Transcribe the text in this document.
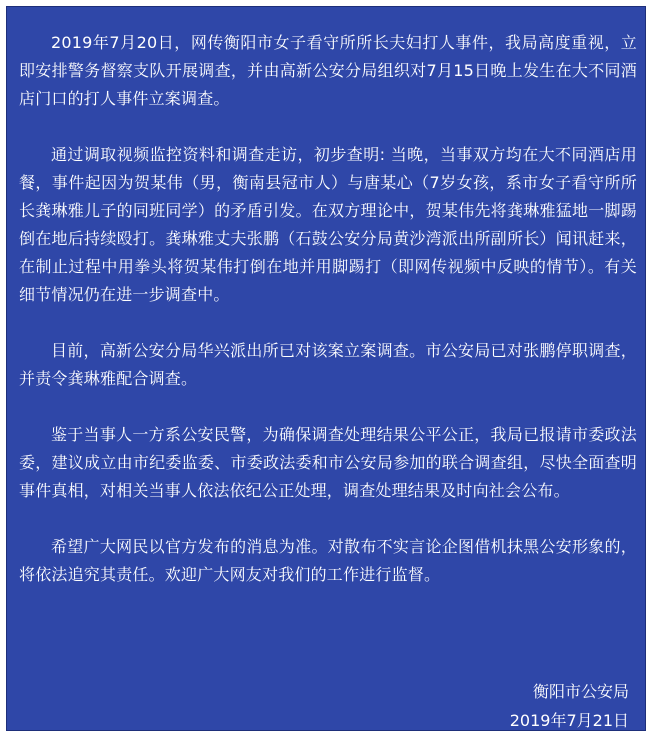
2019年7月20日，网传衡阳市女子看守所所长夫妇打人事件，我局高度重视，立即安排警务督察支队开展调查，并由高新公安分局组织对7月15日晚上发生在大不同酒店门口的打人事件立案调查。

通过调取视频监控资料和调查走访，初步查明: 当晚，当事双方均在大不同酒店用餐，事件起因为贺某伟（男，衡南县冠市人）与唐某心（7岁女孩，系市女子看守所所长龚琳雅儿子的同班同学）的矛盾引发。在双方理论中，贺某伟先将龚琳雅猛地一脚踢倒在地后持续殴打。龚琳雅丈夫张鹏（石鼓公安分局黄沙湾派出所副所长）闻讯赶来，在制止过程中用拳头将贺某伟打倒在地并用脚踢打（即网传视频中反映的情节）。有关细节情况仍在进一步调查中。

目前，高新公安分局华兴派出所已对该案立案调查。市公安局已对张鹏停职调查，并责令龚琳雅配合调查。

鉴于当事人一方系公安民警，为确保调查处理结果公平公正，我局已报请市委政法委，建议成立由市纪委监委、市委政法委和市公安局参加的联合调查组，尽快全面查明事件真相，对相关当事人依法依纪公正处理，调查处理结果及时向社会公布。

希望广大网民以官方发布的消息为准。对散布不实言论企图借机抹黑公安形象的，将依法追究其责任。欢迎广大网友对我们的工作进行监督。

衡阳市公安局
2019年7月21日
